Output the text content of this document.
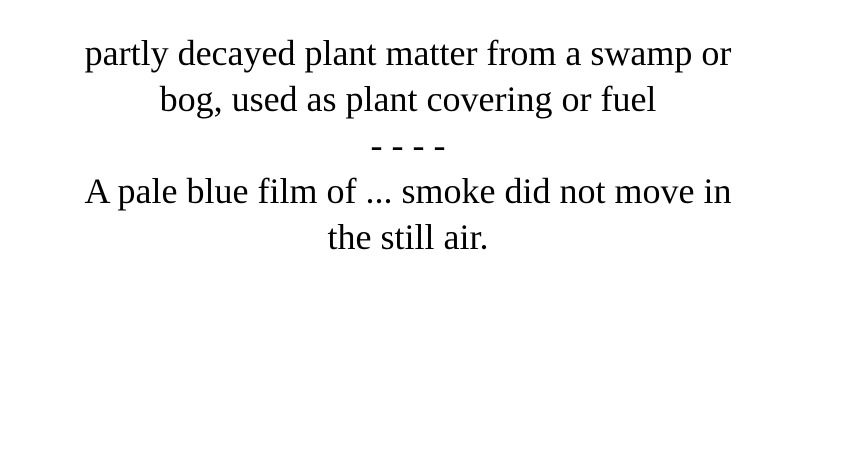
partly decayed plant matter from a swamp or
bog, used as plant covering or fuel
- - - -
A pale blue film of ... smoke did not move in
the still air.
